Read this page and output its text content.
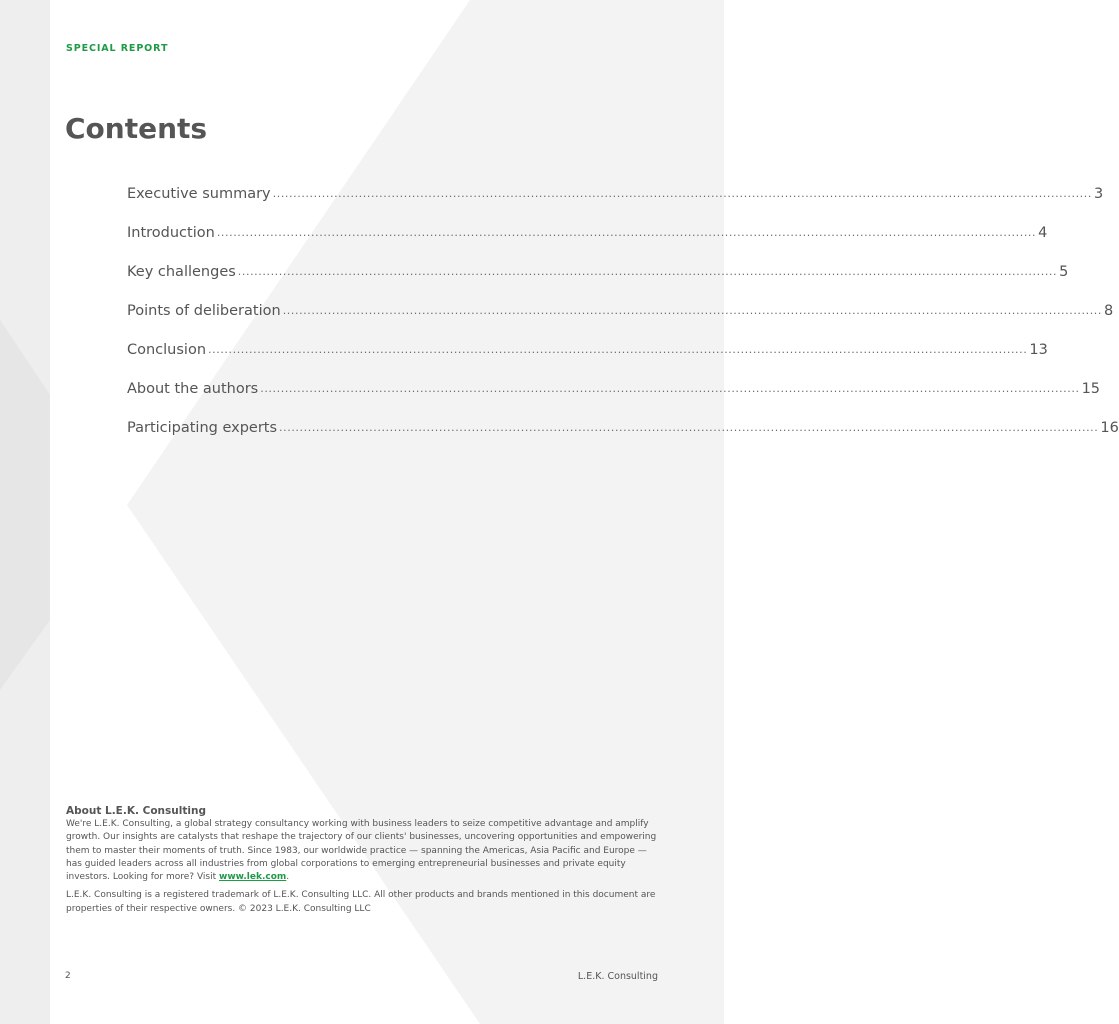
SPECIAL REPORT
Contents
Executive summary ........................................................................................................................................................................................................ 3
Introduction ........................................................................................................................................................................................................ 4
Key challenges ........................................................................................................................................................................................................ 5
Points of deliberation ........................................................................................................................................................................................................ 8
Conclusion ........................................................................................................................................................................................................ 13
About the authors ........................................................................................................................................................................................................ 15
Participating experts ........................................................................................................................................................................................................ 16
About L.E.K. Consulting

We're L.E.K. Consulting, a global strategy consultancy working with business leaders to seize competitive advantage and amplify growth. Our insights are catalysts that reshape the trajectory of our clients' businesses, uncovering opportunities and empowering them to master their moments of truth. Since 1983, our worldwide practice — spanning the Americas, Asia Pacific and Europe — has guided leaders across all industries from global corporations to emerging entrepreneurial businesses and private equity investors. Looking for more? Visit www.lek.com.

L.E.K. Consulting is a registered trademark of L.E.K. Consulting LLC. All other products and brands mentioned in this document are properties of their respective owners. © 2023 L.E.K. Consulting LLC

2	L.E.K. Consulting
